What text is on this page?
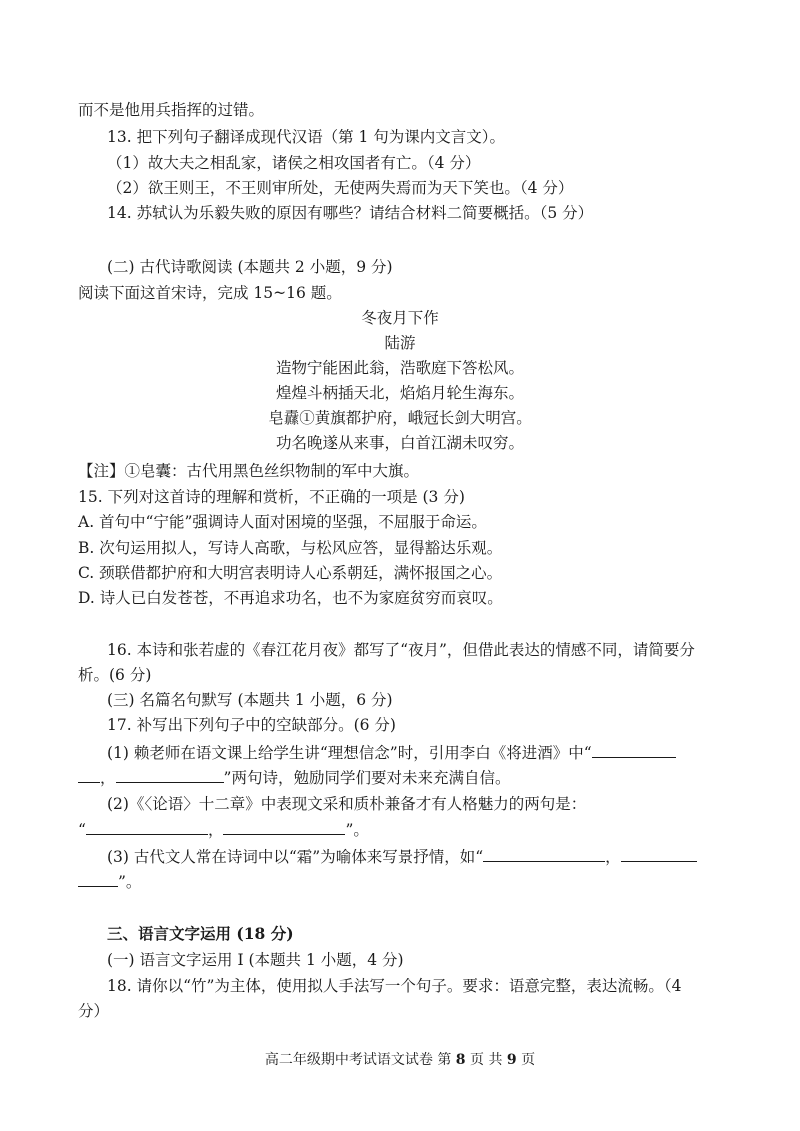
而不是他用兵指挥的过错。
13. 把下列句子翻译成现代汉语（第 1 句为课内文言文）。
（1）故大夫之相乱家，诸侯之相攻国者有亡。（4 分）
（2）欲王则王，不王则审所处，无使两失焉而为天下笑也。（4 分）
14. 苏轼认为乐毅失败的原因有哪些？请结合材料二简要概括。（5 分）
(二) 古代诗歌阅读 (本题共 2 小题，9 分)
阅读下面这首宋诗，完成 15~16 题。
冬夜月下作
陆游
造物宁能困此翁，浩歌庭下答松风。
煌煌斗柄插天北，焰焰月轮生海东。
皂纛①黄旗都护府，峨冠长剑大明宫。
功名晚遂从来事，白首江湖未叹穷。
【注】①皂囊：古代用黑色丝织物制的军中大旗。
15. 下列对这首诗的理解和赏析，不正确的一项是 (3 分)
A. 首句中“宁能”强调诗人面对困境的坚强，不屈服于命运。
B. 次句运用拟人，写诗人高歌，与松风应答，显得豁达乐观。
C. 颈联借都护府和大明宫表明诗人心系朝廷，满怀报国之心。
D. 诗人已白发苍苍，不再追求功名，也不为家庭贫穷而哀叹。
16. 本诗和张若虚的《春江花月夜》都写了“夜月”，但借此表达的情感不同，请简要分
析。(6 分)
(三) 名篇名句默写 (本题共 1 小题，6 分)
17. 补写出下列句子中的空缺部分。(6 分)
(1) 赖老师在语文课上给学生讲“理想信念”时，引用李白《将进酒》中“
，	”两句诗，勉励同学们要对未来充满自信。
(2)《〈论语〉十二章》中表现文采和质朴兼备才有人格魅力的两句是：
“	，	”。
(3) 古代文人常在诗词中以“霜”为喻体来写景抒情，如“	，
”。
三、语言文字运用 (18 分)
(一) 语言文字运用 Ⅰ (本题共 1 小题，4 分)
18. 请你以“竹”为主体，使用拟人手法写一个句子。要求：语意完整，表达流畅。（4
分）
高二年级期中考试语文试卷 第 8 页 共 9 页
